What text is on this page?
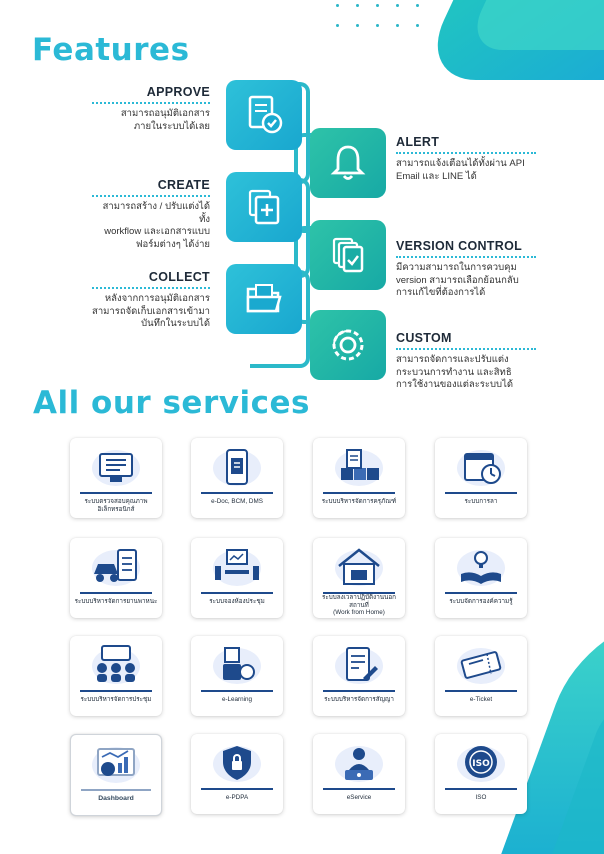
Features
APPROVE
สามารถอนุมัติเอกสาร
ภายในระบบได้เลย
ALERT
สามารถแจ้งเตือนได้ทั้งผ่าน API
Email และ LINE ได้
CREATE
สามารถสร้าง / ปรับแต่งได้ทั้ง
workflow และเอกสารแบบ
ฟอร์มต่างๆ ได้ง่าย	VERSION CONTROL
มีความสามารถในการควบคุม
version สามารถเลือกย้อนกลับ
การแก้ไขที่ต้องการได้
COLLECT
หลังจากการอนุมัติเอกสาร
สามารถจัดเก็บเอกสารเข้ามา
บันทึกในระบบได้
CUSTOM
สามารถจัดการและปรับแต่ง
กระบวนการทำงาน และสิทธิ
การใช้งานของแต่ละระบบได้
All our services
ระบบตรวจสอบคุณภาพอิเล็กทรอนิกส์
e-Doc, BCM, DMS	ระบบบริหารจัดการครุภัณฑ์	ระบบการลา
ระบบบริหารจัดการยานพาหนะ	ระบบจองห้องประชุม
ระบบลงเวลาปฏิบัติงานนอกสถานที่
(Work from Home)
ระบบจัดการองค์ความรู้
ระบบบริหารจัดการประชุม	e-Learning	ระบบบริหารจัดการสัญญา	e-Ticket
Dashboard	e-PDPA	eService
ISO
ISO
